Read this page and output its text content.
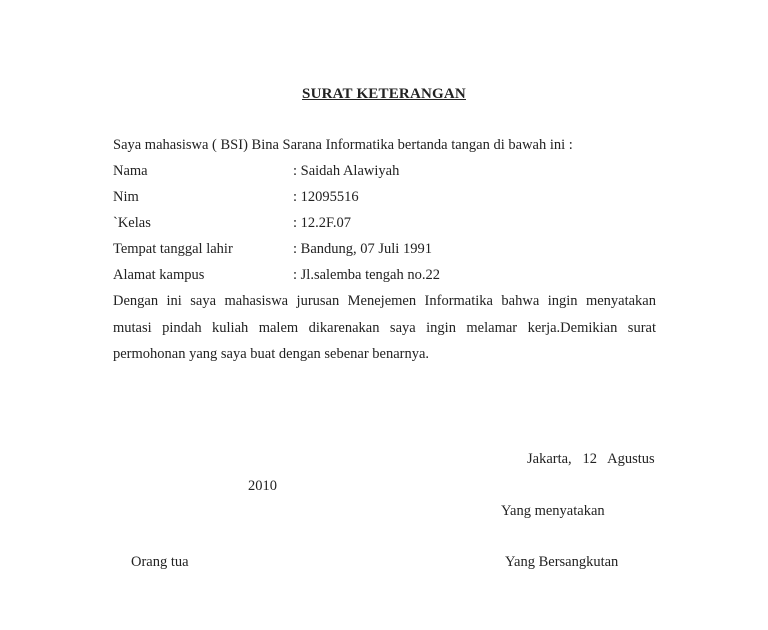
SURAT KETERANGAN
Saya mahasiswa ( BSI) Bina Sarana Informatika bertanda tangan di bawah ini :
Nama	: Saidah Alawiyah
Nim	: 12095516
`Kelas	: 12.2F.07
Tempat tanggal lahir	: Bandung, 07 Juli 1991
Alamat kampus	: Jl.salemba tengah no.22
Dengan ini saya mahasiswa jurusan Menejemen Informatika bahwa ingin menyatakan
mutasi pindah kuliah malem dikarenakan saya ingin melamar kerja.Demikian surat
permohonan yang saya buat dengan sebenar benarnya.
Jakarta,   12   Agustus
2010
Yang menyatakan
Orang tua	Yang Bersangkutan
